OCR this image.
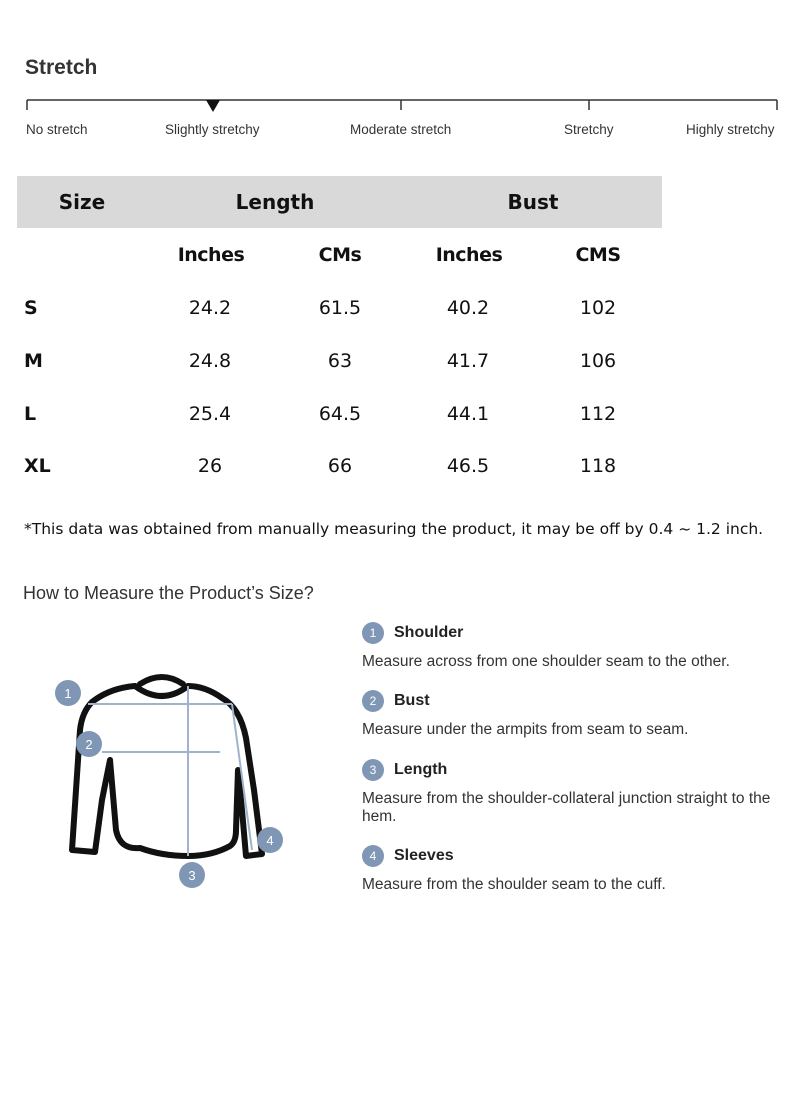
Stretch
No stretch	Slightly stretchy	Moderate stretch	Stretchy	Highly stretchy
Size	Length	Bust
Inches	CMs	Inches	CMS
S	24.2	61.5	40.2	102
M	24.8	63	41.7	106
L	25.4	64.5	44.1	112
XL	26	66	46.5	118
*This data was obtained from manually measuring the product, it may be off by 0.4 ~ 1.2 inch.
How to Measure the Product’s Size?
1
2
3
4
1	Shoulder
Measure across from one shoulder seam to the other.
2	Bust
Measure under the armpits from seam to seam.
3	Length
Measure from the shoulder-collateral junction straight to the hem.
4	Sleeves
Measure from the shoulder seam to the cuff.
